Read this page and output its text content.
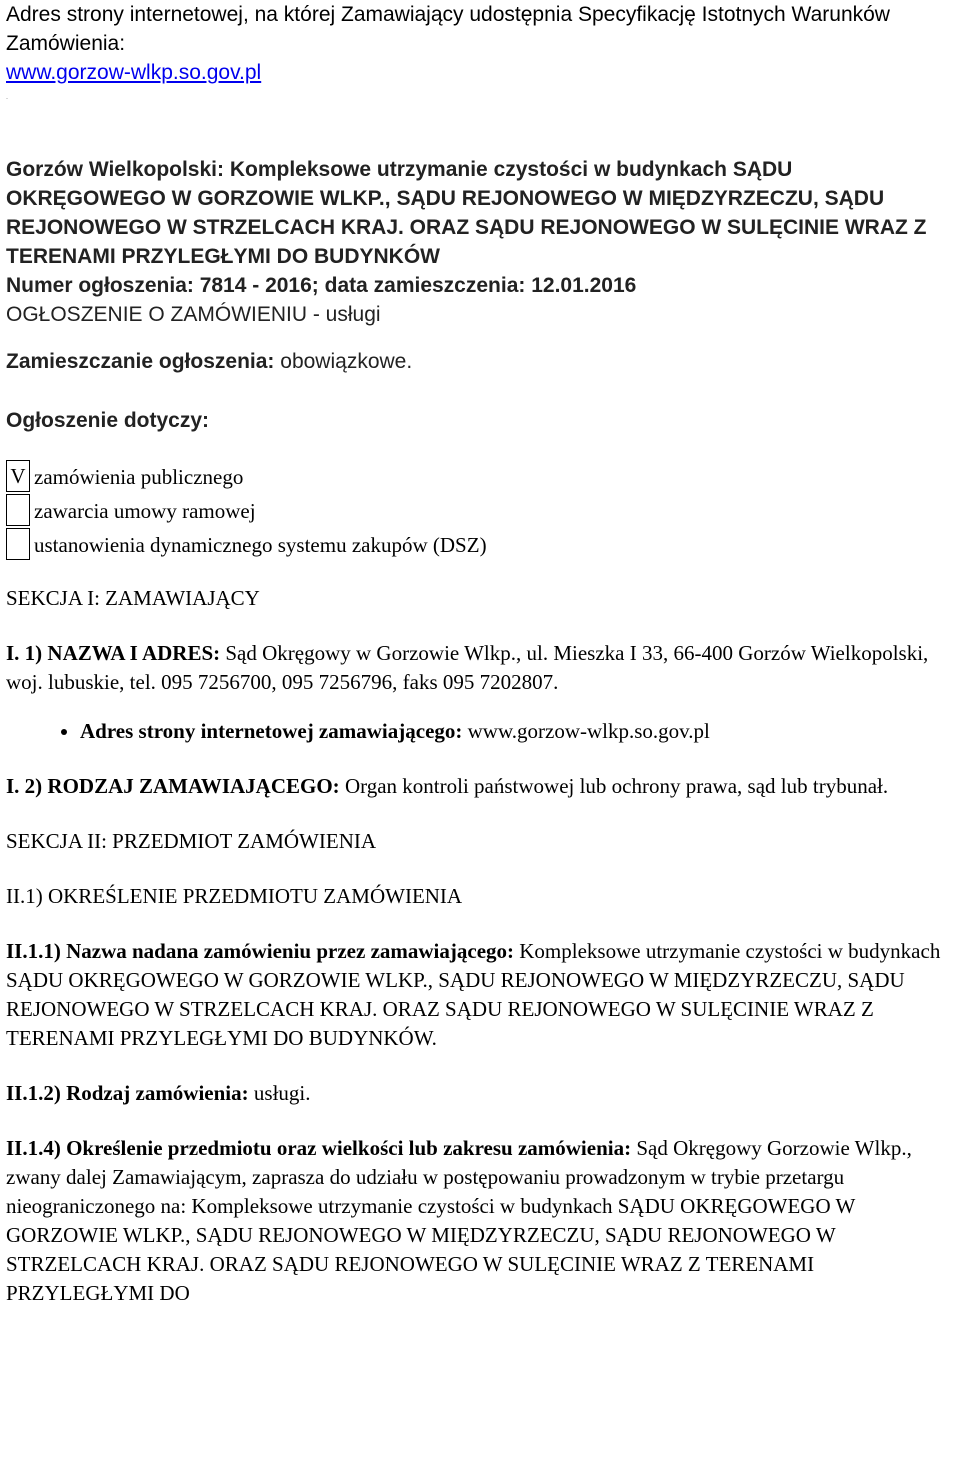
Adres strony internetowej, na której Zamawiający udostępnia Specyfikację Istotnych Warunków Zamówienia:
www.gorzow-wlkp.so.gov.pl

.

Gorzów Wielkopolski: Kompleksowe utrzymanie czystości w budynkach SĄDU OKRĘGOWEGO W GORZOWIE WLKP., SĄDU REJONOWEGO W MIĘDZYRZECZU, SĄDU REJONOWEGO W STRZELCACH KRAJ. ORAZ SĄDU REJONOWEGO W SULĘCINIE WRAZ Z TERENAMI PRZYLEGŁYMI DO BUDYNKÓW

Numer ogłoszenia: 7814 - 2016; data zamieszczenia: 12.01.2016

OGŁOSZENIE O ZAMÓWIENIU - usługi

Zamieszczanie ogłoszenia: obowiązkowe.

Ogłoszenie dotyczy:

V zamówienia publicznego
zawarcia umowy ramowej
ustanowienia dynamicznego systemu zakupów (DSZ)

SEKCJA I: ZAMAWIAJĄCY

I. 1) NAZWA I ADRES: Sąd Okręgowy w Gorzowie Wlkp., ul. Mieszka I 33, 66-400 Gorzów Wielkopolski, woj. lubuskie, tel. 095 7256700, 095 7256796, faks 095 7202807.

• Adres strony internetowej zamawiającego: www.gorzow-wlkp.so.gov.pl

I. 2) RODZAJ ZAMAWIAJĄCEGO: Organ kontroli państwowej lub ochrony prawa, sąd lub trybunał.

SEKCJA II: PRZEDMIOT ZAMÓWIENIA

II.1) OKREŚLENIE PRZEDMIOTU ZAMÓWIENIA

II.1.1) Nazwa nadana zamówieniu przez zamawiającego: Kompleksowe utrzymanie czystości w budynkach SĄDU OKRĘGOWEGO W GORZOWIE WLKP., SĄDU REJONOWEGO W MIĘDZYRZECZU, SĄDU REJONOWEGO W STRZELCACH KRAJ. ORAZ SĄDU REJONOWEGO W SULĘCINIE WRAZ Z TERENAMI PRZYLEGŁYMI DO BUDYNKÓW.

II.1.2) Rodzaj zamówienia: usługi.

II.1.4) Określenie przedmiotu oraz wielkości lub zakresu zamówienia: Sąd Okręgowy Gorzowie Wlkp., zwany dalej Zamawiającym, zaprasza do udziału w postępowaniu prowadzonym w trybie przetargu nieograniczonego na: Kompleksowe utrzymanie czystości w budynkach SĄDU OKRĘGOWEGO W GORZOWIE WLKP., SĄDU REJONOWEGO W MIĘDZYRZECZU, SĄDU REJONOWEGO W STRZELCACH KRAJ. ORAZ SĄDU REJONOWEGO W SULĘCINIE WRAZ Z TERENAMI PRZYLEGŁYMI DO
